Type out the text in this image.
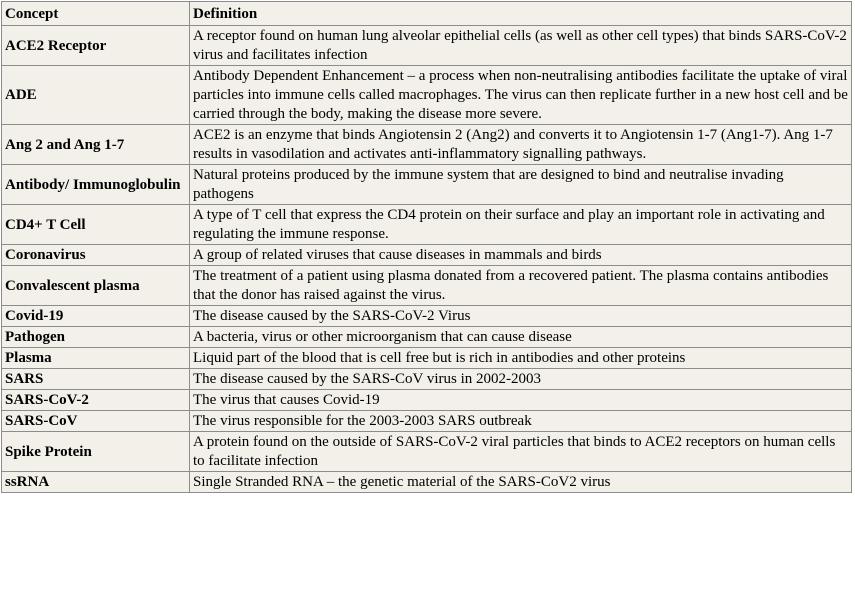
Concept	Definition
ACE2 Receptor	A receptor found on human lung alveolar epithelial cells (as well as other cell types) that binds SARS-CoV-2 virus and facilitates infection
ADE	Antibody Dependent Enhancement – a process when non-neutralising antibodies facilitate the uptake of viral particles into immune cells called macrophages. The virus can then replicate further in a new host cell and be carried through the body, making the disease more severe.
Ang 2 and Ang 1-7	ACE2 is an enzyme that binds Angiotensin 2 (Ang2) and converts it to Angiotensin 1-7 (Ang1-7). Ang 1-7 results in vasodilation and activates anti-inflammatory signalling pathways.
Antibody/ Immunoglobulin	Natural proteins produced by the immune system that are designed to bind and neutralise invading pathogens
CD4+ T Cell	A type of T cell that express the CD4 protein on their surface and play an important role in activating and regulating the immune response.
Coronavirus	A group of related viruses that cause diseases in mammals and birds
Convalescent plasma	The treatment of a patient using plasma donated from a recovered patient. The plasma contains antibodies that the donor has raised against the virus.
Covid-19	The disease caused by the SARS-CoV-2 Virus
Pathogen	A bacteria, virus or other microorganism that can cause disease
Plasma	Liquid part of the blood that is cell free but is rich in antibodies and other proteins
SARS	The disease caused by the SARS-CoV virus in 2002-2003
SARS-CoV-2	The virus that causes Covid-19
SARS-CoV	The virus responsible for the 2003-2003 SARS outbreak
Spike Protein	A protein found on the outside of SARS-CoV-2 viral particles that binds to ACE2 receptors on human cells to facilitate infection
ssRNA	Single Stranded RNA – the genetic material of the SARS-CoV2 virus
